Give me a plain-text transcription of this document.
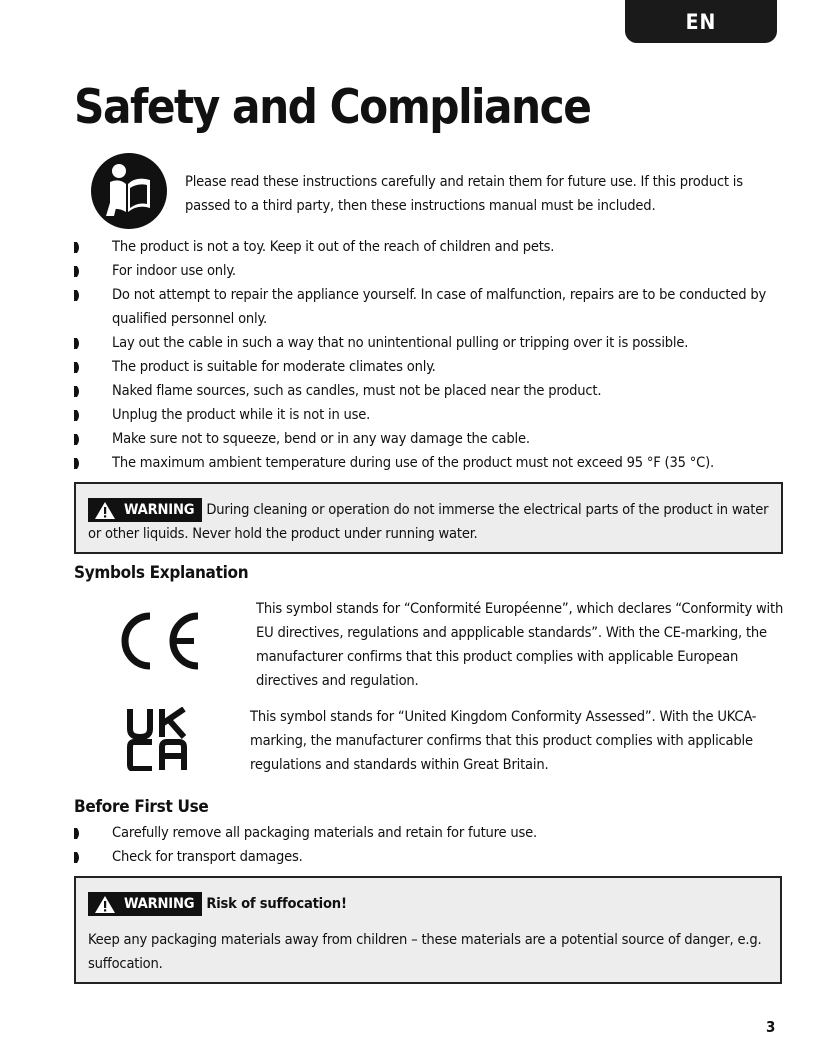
EN
Safety and Compliance

Please read these instructions carefully and retain them for future use. If this product is passed to a third party, then these instructions manual must be included.

The product is not a toy. Keep it out of the reach of children and pets.
For indoor use only.
Do not attempt to repair the appliance yourself. In case of malfunction, repairs are to be conducted by qualified personnel only.
Lay out the cable in such a way that no unintentional pulling or tripping over it is possible.
The product is suitable for moderate climates only.
Naked flame sources, such as candles, must not be placed near the product.
Unplug the product while it is not in use.
Make sure not to squeeze, bend or in any way damage the cable.
The maximum ambient temperature during use of the product must not exceed 95 °F (35 °C).
WARNING During cleaning or operation do not immerse the electrical parts of the product in water or other liquids. Never hold the product under running water.
Symbols Explanation

This symbol stands for “Conformité Européenne”, which declares “Conformity with EU directives, regulations and appplicable standards”. With the CE-marking, the manufacturer confirms that this product complies with applicable European directives and regulation.

This symbol stands for “United Kingdom Conformity Assessed”. With the UKCA-marking, the manufacturer confirms that this product complies with applicable regulations and standards within Great Britain.

Before First Use
Carefully remove all packaging materials and retain for future use.
Check for transport damages.
WARNING Risk of suffocation!
Keep any packaging materials away from children – these materials are a potential source of danger, e.g. suffocation.
3
